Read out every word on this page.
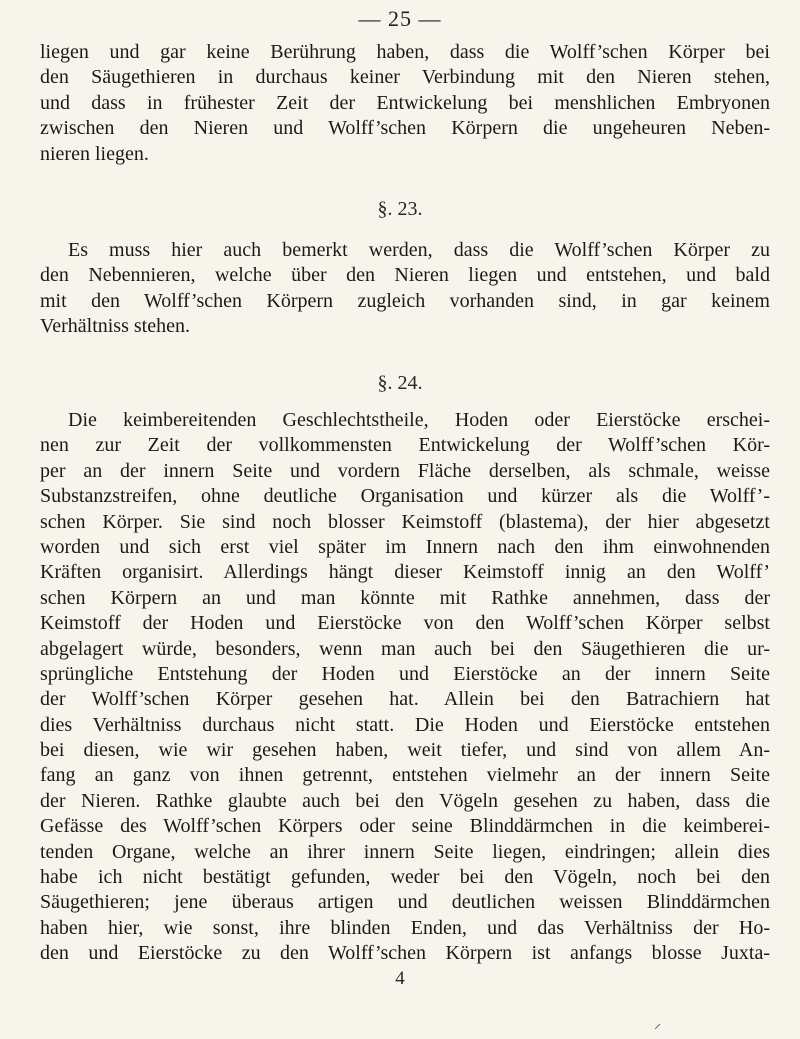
— 25 —
liegen und gar keine Berührung haben, dass die Wolff’schen Körper bei
den Säugethieren in durchaus keiner Verbindung mit den Nieren stehen,
und dass in frühester Zeit der Entwickelung bei menshlichen Embryonen
zwischen den Nieren und Wolff’schen Körpern die ungeheuren Neben-
nieren liegen.
§. 23.
Es muss hier auch bemerkt werden, dass die Wolff’schen Körper zu
den Nebennieren, welche über den Nieren liegen und entstehen, und bald
mit den Wolff’schen Körpern zugleich vorhanden sind, in gar keinem
Verhältniss stehen.
§. 24.
Die keimbereitenden Geschlechtstheile, Hoden oder Eierstöcke erschei-
nen zur Zeit der vollkommensten Entwickelung der Wolff’schen Kör-
per an der innern Seite und vordern Fläche derselben, als schmale, weisse
Substanzstreifen, ohne deutliche Organisation und kürzer als die Wolff’-
schen Körper. Sie sind noch blosser Keimstoff (blastema), der hier abgesetzt
worden und sich erst viel später im Innern nach den ihm einwohnenden
Kräften organisirt. Allerdings hängt dieser Keimstoff innig an den Wolff’
schen Körpern an und man könnte mit Rathke annehmen, dass der
Keimstoff der Hoden und Eierstöcke von den Wolff’schen Körper selbst
abgelagert würde, besonders, wenn man auch bei den Säugethieren die ur-
sprüngliche Entstehung der Hoden und Eierstöcke an der innern Seite
der Wolff’schen Körper gesehen hat. Allein bei den Batrachiern hat
dies Verhältniss durchaus nicht statt. Die Hoden und Eierstöcke entstehen
bei diesen, wie wir gesehen haben, weit tiefer, und sind von allem An-
fang an ganz von ihnen getrennt, entstehen vielmehr an der innern Seite
der Nieren. Rathke glaubte auch bei den Vögeln gesehen zu haben, dass die
Gefässe des Wolff’schen Körpers oder seine Blinddärmchen in die keimberei-
tenden Organe, welche an ihrer innern Seite liegen, eindringen; allein dies
habe ich nicht bestätigt gefunden, weder bei den Vögeln, noch bei den
Säugethieren; jene überaus artigen und deutlichen weissen Blinddärmchen
haben hier, wie sonst, ihre blinden Enden, und das Verhältniss der Ho-
den und Eierstöcke zu den Wolff’schen Körpern ist anfangs blosse Juxta-
4
⸝
